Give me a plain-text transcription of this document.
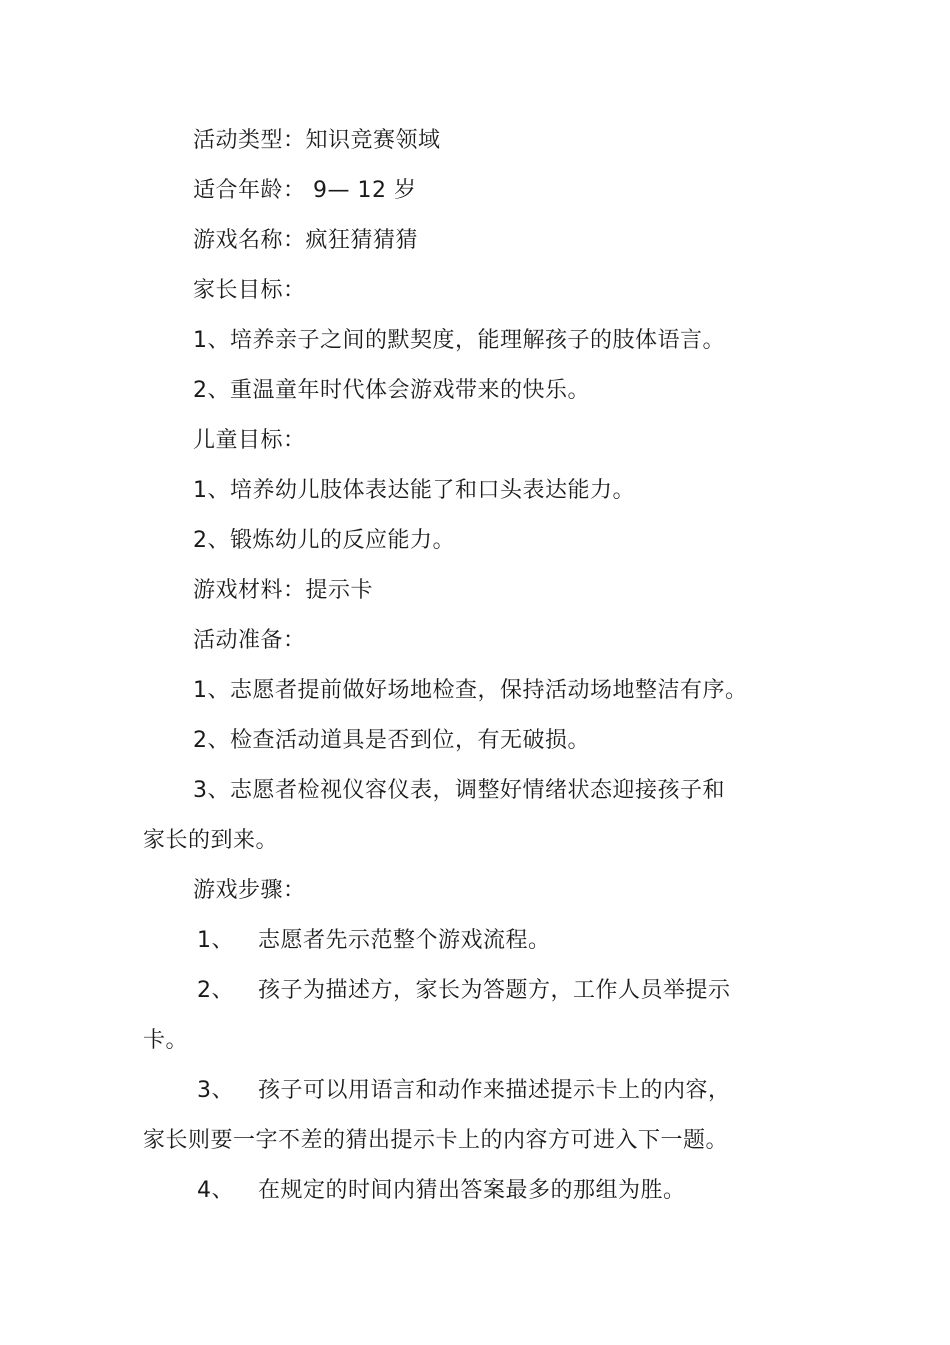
活动类型：知识竞赛领域
适合年龄： 9— 12 岁
游戏名称：疯狂猜猜猜
家长目标：
1、培养亲子之间的默契度，能理解孩子的肢体语言。
2、重温童年时代体会游戏带来的快乐。
儿童目标：
1、培养幼儿肢体表达能了和口头表达能力。
2、锻炼幼儿的反应能力。
游戏材料：提示卡
活动准备：
1、志愿者提前做好场地检查，保持活动场地整洁有序。
2、检查活动道具是否到位，有无破损。
3、志愿者检视仪容仪表，调整好情绪状态迎接孩子和
家长的到来。
游戏步骤：
1、 志愿者先示范整个游戏流程。
2、 孩子为描述方，家长为答题方，工作人员举提示
卡。
3、 孩子可以用语言和动作来描述提示卡上的内容，
家长则要一字不差的猜出提示卡上的内容方可进入下一题。
4、 在规定的时间内猜出答案最多的那组为胜。
